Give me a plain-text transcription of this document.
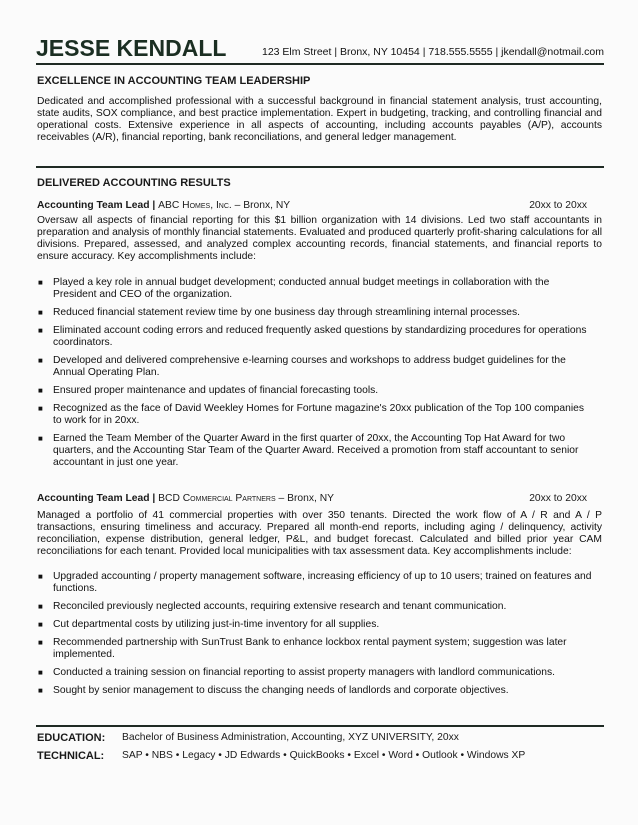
JESSE KENDALL	123 Elm Street | Bronx, NY 10454 | 718.555.5555 | jkendall@notmail.com
EXCELLENCE IN ACCOUNTING TEAM LEADERSHIP
Dedicated and accomplished professional with a successful background in financial statement analysis, trust accounting, state audits, SOX compliance, and best practice implementation. Expert in budgeting, tracking, and controlling financial and operational costs. Extensive experience in all aspects of accounting, including accounts payables (A/P), accounts receivables (A/R), financial reporting, bank reconciliations, and general ledger management.
DELIVERED ACCOUNTING RESULTS
Accounting Team Lead | ABC Homes, Inc. – Bronx, NY	20xx to 20xx
Oversaw all aspects of financial reporting for this $1 billion organization with 14 divisions. Led two staff accountants in preparation and analysis of monthly financial statements. Evaluated and produced quarterly profit-sharing calculations for all divisions. Prepared, assessed, and analyzed complex accounting records, financial statements, and financial reports to ensure accuracy. Key accomplishments include:
■ Played a key role in annual budget development; conducted annual budget meetings in collaboration with the President and CEO of the organization.
■ Reduced financial statement review time by one business day through streamlining internal processes.
■ Eliminated account coding errors and reduced frequently asked questions by standardizing procedures for operations coordinators.
■ Developed and delivered comprehensive e-learning courses and workshops to address budget guidelines for the Annual Operating Plan.
■ Ensured proper maintenance and updates of financial forecasting tools.
■ Recognized as the face of David Weekley Homes for Fortune magazine's 20xx publication of the Top 100 companies to work for in 20xx.
■ Earned the Team Member of the Quarter Award in the first quarter of 20xx, the Accounting Top Hat Award for two quarters, and the Accounting Star Team of the Quarter Award. Received a promotion from staff accountant to senior accountant in just one year.
Accounting Team Lead | BCD Commercial Partners – Bronx, NY	20xx to 20xx
Managed a portfolio of 41 commercial properties with over 350 tenants. Directed the work flow of A / R and A / P transactions, ensuring timeliness and accuracy. Prepared all month-end reports, including aging / delinquency, activity reconciliation, expense distribution, general ledger, P&L, and budget forecast. Calculated and billed prior year CAM reconciliations for each tenant. Provided local municipalities with tax assessment data. Key accomplishments include:
■ Upgraded accounting / property management software, increasing efficiency of up to 10 users; trained on features and functions.
■ Reconciled previously neglected accounts, requiring extensive research and tenant communication.
■ Cut departmental costs by utilizing just-in-time inventory for all supplies.
■ Recommended partnership with SunTrust Bank to enhance lockbox rental payment system; suggestion was later implemented.
■ Conducted a training session on financial reporting to assist property managers with landlord communications.
■ Sought by senior management to discuss the changing needs of landlords and corporate objectives.
EDUCATION:	Bachelor of Business Administration, Accounting, XYZ UNIVERSITY, 20xx
TECHNICAL:	SAP • NBS • Legacy • JD Edwards • QuickBooks • Excel • Word • Outlook • Windows XP
